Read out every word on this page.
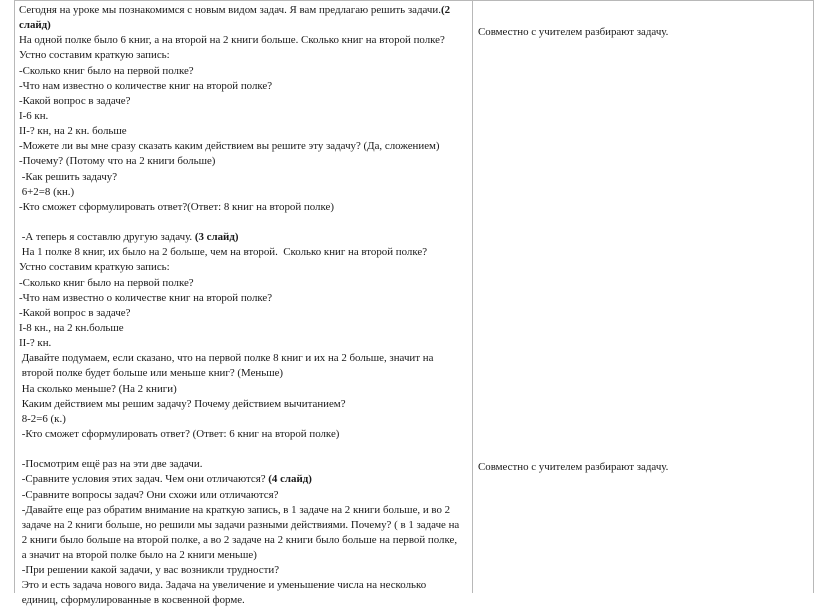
Сегодня на уроке мы познакомимся с новым видом задач. Я вам предлагаю решить задачи.(2
слайд)
На одной полке было 6 книг, а на второй на 2 книги больше. Сколько книг на второй полке?
Устно составим краткую запись:
-Сколько книг было на первой полке?
-Что нам известно о количестве книг на второй полке?
-Какой вопрос в задаче?
I-6 кн.
II-? кн, на 2 кн. больше
-Можете ли вы мне сразу сказать каким действием вы решите эту задачу? (Да, сложением)
-Почему? (Потому что на 2 книги больше)
-Как решить задачу?
6+2=8 (кн.)
-Кто сможет сформулировать ответ?(Ответ: 8 книг на второй полке)
-А теперь я составлю другую задачу. (3 слайд)
На 1 полке 8 книг, их было на 2 больше, чем на второй.  Сколько книг на второй полке?
Устно составим краткую запись:
-Сколько книг было на первой полке?
-Что нам известно о количестве книг на второй полке?
-Какой вопрос в задаче?
I-8 кн., на 2 кн.больше
II-? кн.
Давайте подумаем, если сказано, что на первой полке 8 книг и их на 2 больше, значит на
второй полке будет больше или меньше книг? (Меньше)
На сколько меньше? (На 2 книги)
Каким действием мы решим задачу? Почему действием вычитанием?
8-2=6 (к.)
-Кто сможет сформулировать ответ? (Ответ: 6 книг на второй полке)
-Посмотрим ещё раз на эти две задачи.
-Сравните условия этих задач. Чем они отличаются? (4 слайд)
-Сравните вопросы задач? Они схожи или отличаются?
-Давайте еще раз обратим внимание на краткую запись, в 1 задаче на 2 книги больше, и во 2
задаче на 2 книги больше, но решили мы задачи разными действиями. Почему? ( в 1 задаче на
2 книги было больше на второй полке, а во 2 задаче на 2 книги было больше на первой полке,
а значит на второй полке было на 2 книги меньше)
-При решении какой задачи, у вас возникли трудности?
Это и есть задача нового вида. Задача на увеличение и уменьшение числа на несколько
единиц, сформулированные в косвенной форме.
Совместно с учителем разбирают задачу.
Совместно с учителем разбирают задачу.
